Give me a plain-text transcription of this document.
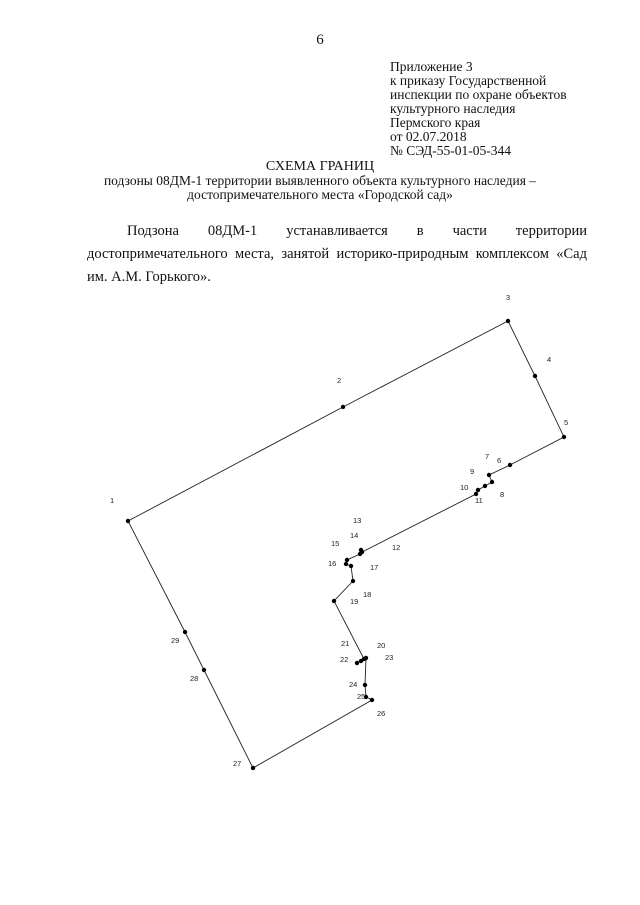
6
Приложение 3
к приказу Государственной
инспекции по охране объектов
культурного наследия
Пермского края
от 02.07.2018
№ СЭД-55-01-05-344
СХЕМА ГРАНИЦ
подзоны 08ДМ-1 территории выявленного объекта культурного наследия –
достопримечательного места «Городской сад»
Подзона 08ДМ-1 устанавливается в части территории достопримечательного места, занятой историко-природным комплексом «Сад им. А.М. Горького».
1
2
3
4
5
6
7
8
9
10
11
12
13
14
15
16	17
18
19
20
21
22	23
24
25
26
27
28
29
